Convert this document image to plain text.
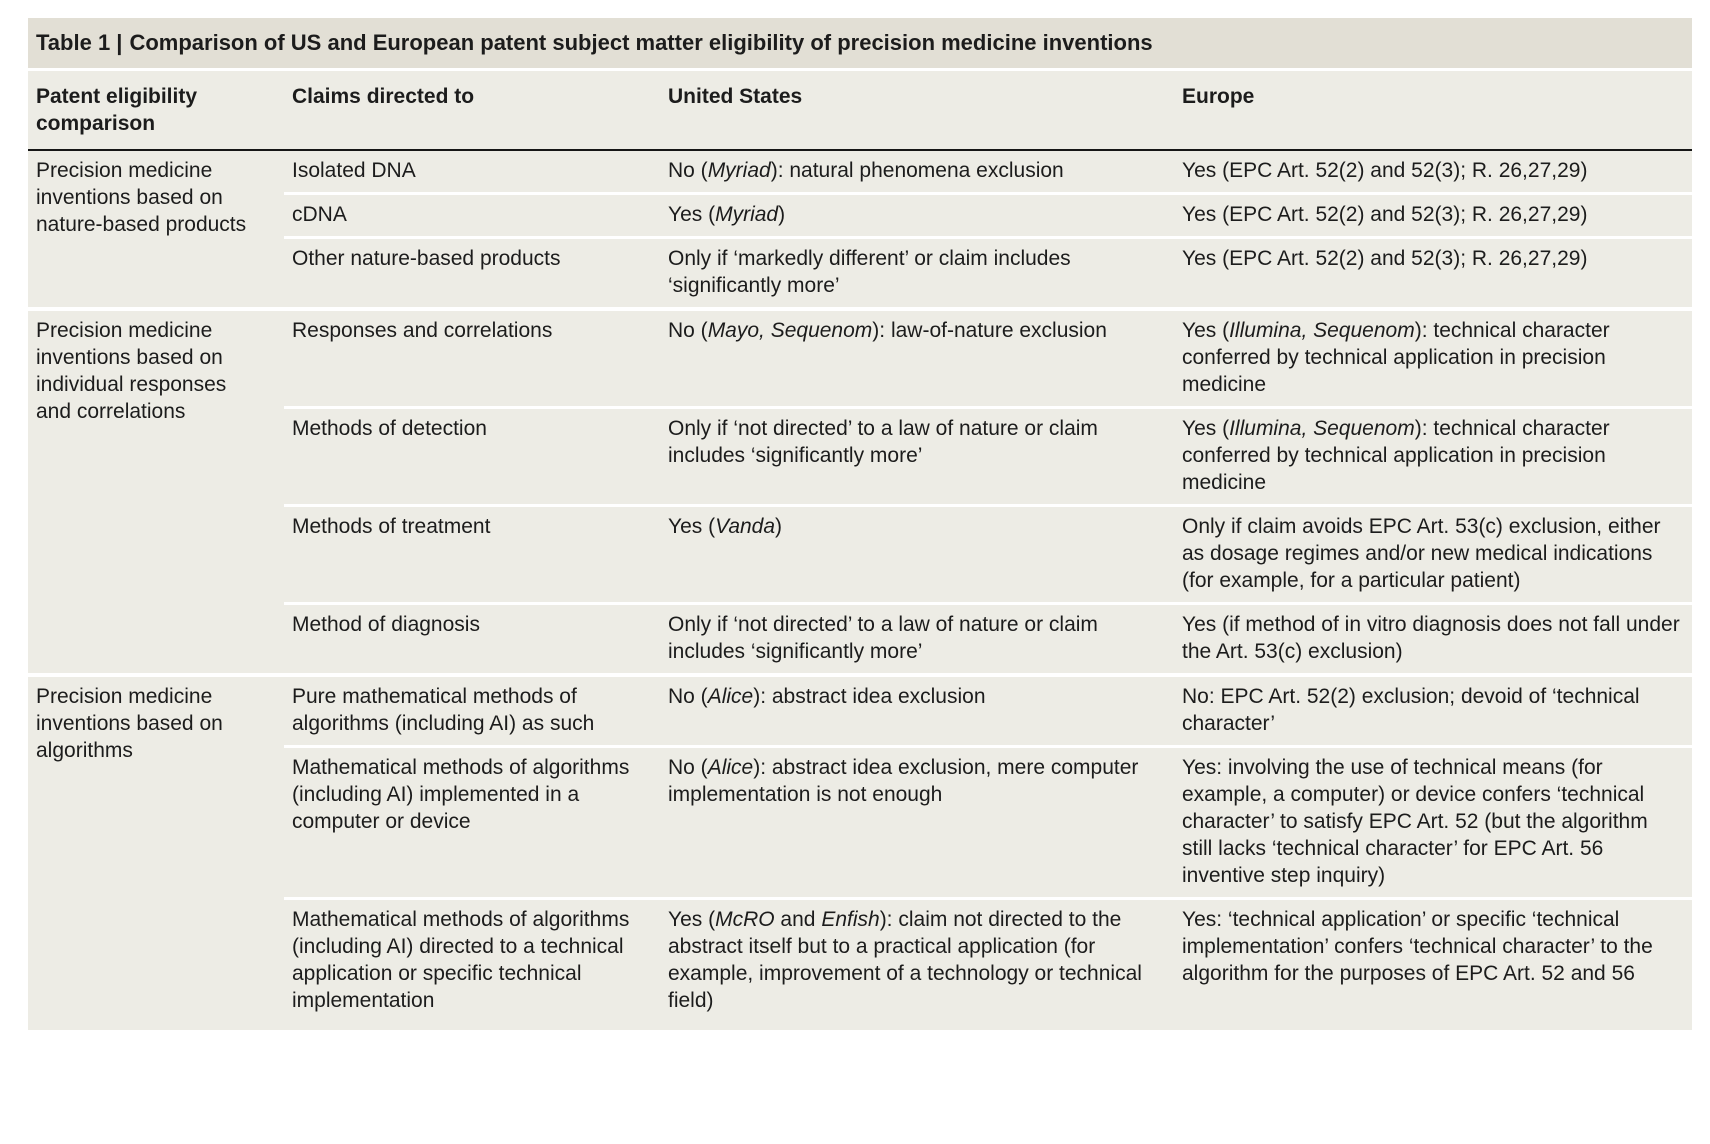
Table 1 | Comparison of US and European patent subject matter eligibility of precision medicine inventions
Patent eligibility comparison	Claims directed to	United States	Europe
Precision medicine inventions based on nature-based products	Isolated DNA	No (Myriad): natural phenomena exclusion	Yes (EPC Art. 52(2) and 52(3); R. 26,27,29)
	cDNA	Yes (Myriad)	Yes (EPC Art. 52(2) and 52(3); R. 26,27,29)
	Other nature-based products	Only if ‘markedly different’ or claim includes ‘significantly more’	Yes (EPC Art. 52(2) and 52(3); R. 26,27,29)
Precision medicine inventions based on individual responses and correlations	Responses and correlations	No (Mayo, Sequenom): law-of-nature exclusion	Yes (Illumina, Sequenom): technical character conferred by technical application in precision medicine
	Methods of detection	Only if ‘not directed’ to a law of nature or claim includes ‘significantly more’	Yes (Illumina, Sequenom): technical character conferred by technical application in precision medicine
	Methods of treatment	Yes (Vanda)	Only if claim avoids EPC Art. 53(c) exclusion, either as dosage regimes and/or new medical indications (for example, for a particular patient)
	Method of diagnosis	Only if ‘not directed’ to a law of nature or claim includes ‘significantly more’	Yes (if method of in vitro diagnosis does not fall under the Art. 53(c) exclusion)
Precision medicine inventions based on algorithms	Pure mathematical methods of algorithms (including AI) as such	No (Alice): abstract idea exclusion	No: EPC Art. 52(2) exclusion; devoid of ‘technical character’
	Mathematical methods of algorithms (including AI) implemented in a computer or device	No (Alice): abstract idea exclusion, mere computer implementation is not enough	Yes: involving the use of technical means (for example, a computer) or device confers ‘technical character’ to satisfy EPC Art. 52 (but the algorithm still lacks ‘technical character’ for EPC Art. 56 inventive step inquiry)
	Mathematical methods of algorithms (including AI) directed to a technical application or specific technical implementation	Yes (McRO and Enfish): claim not directed to the abstract itself but to a practical application (for example, improvement of a technology or technical field)	Yes: ‘technical application’ or specific ‘technical implementation’ confers ‘technical character’ to the algorithm for the purposes of EPC Art. 52 and 56
